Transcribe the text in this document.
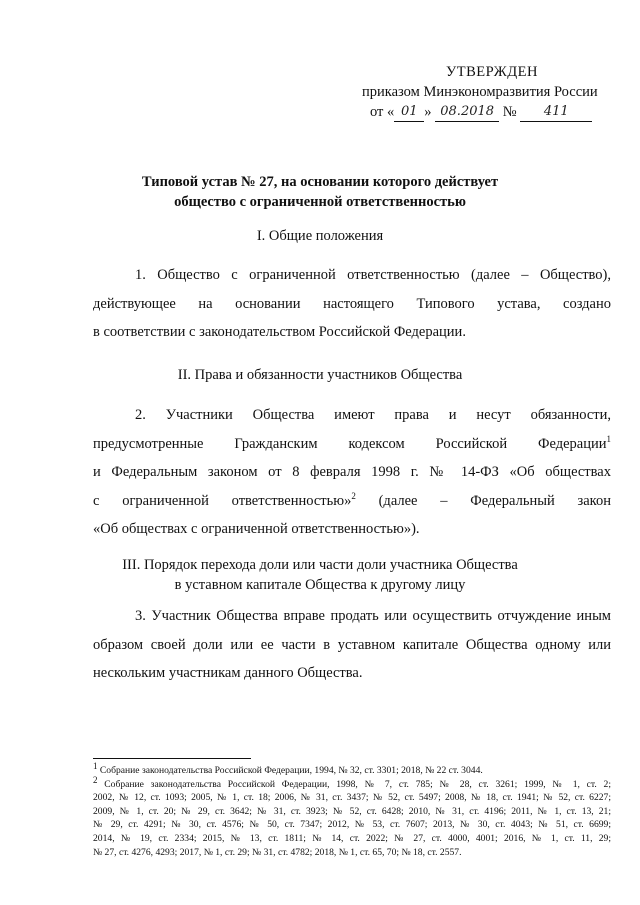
УТВЕРЖДЕН
приказом Минэкономразвития России
от « 01 » 08.2018 № 411
Типовой устав № 27, на основании которого действует
общество с ограниченной ответственностью
I. Общие положения
1. Общество с ограниченной ответственностью (далее – Общество),
действующее на основании настоящего Типового устава, создано
в соответствии с законодательством Российской Федерации.
II. Права и обязанности участников Общества
2. Участники Общества имеют права и несут обязанности,
предусмотренные Гражданским кодексом Российской Федерации$^1$
и Федеральным законом от 8 февраля 1998 г. № 14-ФЗ «Об обществах
с ограниченной ответственностью»$^2$ (далее – Федеральный закон
«Об обществах с ограниченной ответственностью»).
III. Порядок перехода доли или части доли участника Общества
в уставном капитале Общества к другому лицу
3. Участник Общества вправе продать или осуществить отчуждение иным
образом своей доли или ее части в уставном капитале Общества одному или
нескольким участникам данного Общества.
$^1$ Собрание законодательства Российской Федерации, 1994, № 32, ст. 3301; 2018, № 22 ст. 3044.
$^2$ Собрание законодательства Российской Федерации, 1998, № 7, ст. 785; № 28, ст. 3261; 1999, № 1, ст. 2;
2002, № 12, ст. 1093; 2005, № 1, ст. 18; 2006, № 31, ст. 3437; № 52, ст. 5497; 2008, № 18, ст. 1941; № 52, ст. 6227;
2009, № 1, ст. 20; № 29, ст. 3642; № 31, ст. 3923; № 52, ст. 6428; 2010, № 31, ст. 4196; 2011, № 1, ст. 13, 21;
№ 29, ст. 4291; № 30, ст. 4576; № 50, ст. 7347; 2012, № 53, ст. 7607; 2013, № 30, ст. 4043; № 51, ст. 6699;
2014, № 19, ст. 2334; 2015, № 13, ст. 1811; № 14, ст. 2022; № 27, ст. 4000, 4001; 2016, № 1, ст. 11, 29;
№ 27, ст. 4276, 4293; 2017, № 1, ст. 29; № 31, ст. 4782; 2018, № 1, ст. 65, 70; № 18, ст. 2557.
